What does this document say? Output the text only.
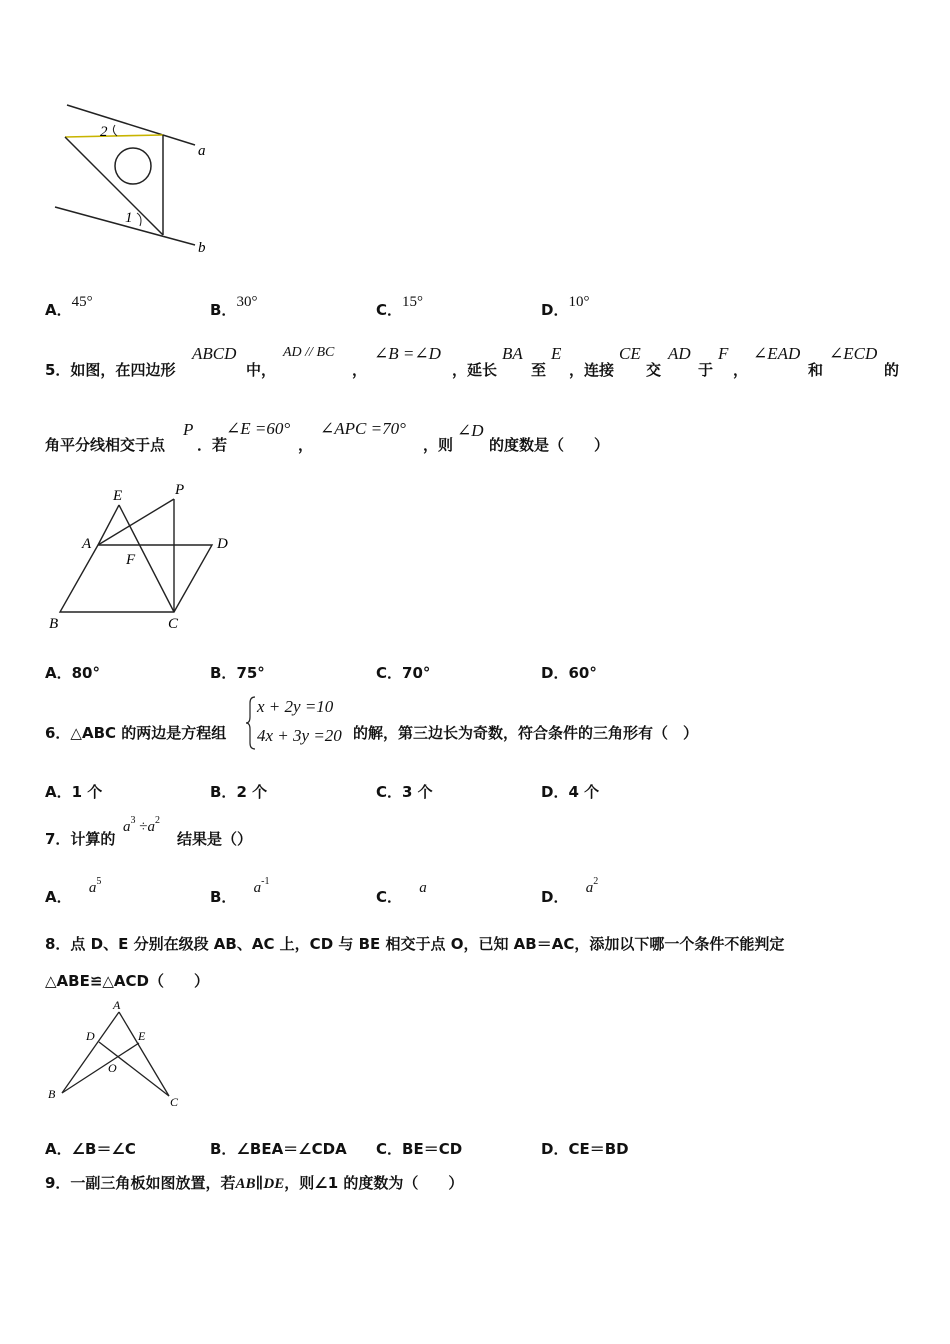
2
1
a
b
A．45°	B．30°	C．15°	D．10°
5．如图，在四边形
ABCD
中，
AD // BC
，
∠B =∠D
，延长
BA
至
E
，连接
CE
交
AD
于
F
，
∠EAD
和
∠ECD
的
角平分线相交于点
P
．若
∠E =60°
，
∠APC =70°
，则
∠D
的度数是（　　）
E	P
A	D
F
B	C
A．80°	B．75°	C．70°	D．60°
6．△ABC 的两边是方程组
x + 2y =10
4x + 3y =20 的解，第三边长为奇数，符合条件的三角形有（　）
A．1 个	B．2 个	C．3 个	D．4 个
7．计算的
$a^3 \div a^2$
结果是（）
A． $a^5$
B． $a^{-1}$
C． a	D． $a^2$
8．点 D、E 分别在级段 AB、AC 上，CD 与 BE 相交于点 O，已知 AB＝AC，添加以下哪一个条件不能判定
△ABE≌△ACD（　　）
A
D	E
O
B
C
A．∠B＝∠C	B．∠BEA＝∠CDA C．BE＝CD	D．CE＝BD
9．一副三角板如图放置，若AB∥DE，则∠1 的度数为（　　）
